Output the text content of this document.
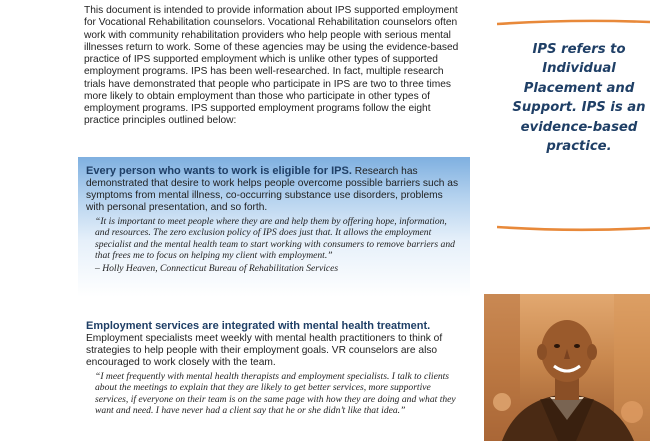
This document is intended to provide information about IPS supported employment for Vocational Rehabilitation counselors. Vocational Rehabilitation counselors often work with community rehabilitation providers who help people with serious mental illnesses return to work. Some of these agencies may be using the evidence-based practice of IPS supported employment which is unlike other types of supported employment programs. IPS has been well-researched. In fact, multiple research trials have demonstrated that people who participate in IPS are two to three times more likely to obtain employment than those who participate in other types of employment programs. IPS supported employment programs follow the eight practice principles outlined below:
Every person who wants to work is eligible for IPS. Research has demonstrated that desire to work helps people overcome possible barriers such as symptoms from mental illness, co-occurring substance use disorders, problems with personal presentation, and so forth.
“It is important to meet people where they are and help them by offering hope, information, and resources. The zero exclusion policy of IPS does just that. It allows the employment specialist and the mental health team to start working with consumers to remove barriers and that frees me to focus on helping my client with employment.”
– Holly Heaven, Connecticut Bureau of Rehabilitation Services
Employment services are integrated with mental health treatment. Employment specialists meet weekly with mental health practitioners to think of strategies to help people with their employment goals. VR counselors are also encouraged to work closely with the team.
“I meet frequently with mental health therapists and employment specialists. I talk to clients about the meetings to explain that they are likely to get better services, more supportive services, if everyone on their team is on the same page with how they are doing and what they want and need. I have never had a client say that he or she didn’t like that idea.”
IPS refers to Individual Placement and Support. IPS is an evidence-based practice.
